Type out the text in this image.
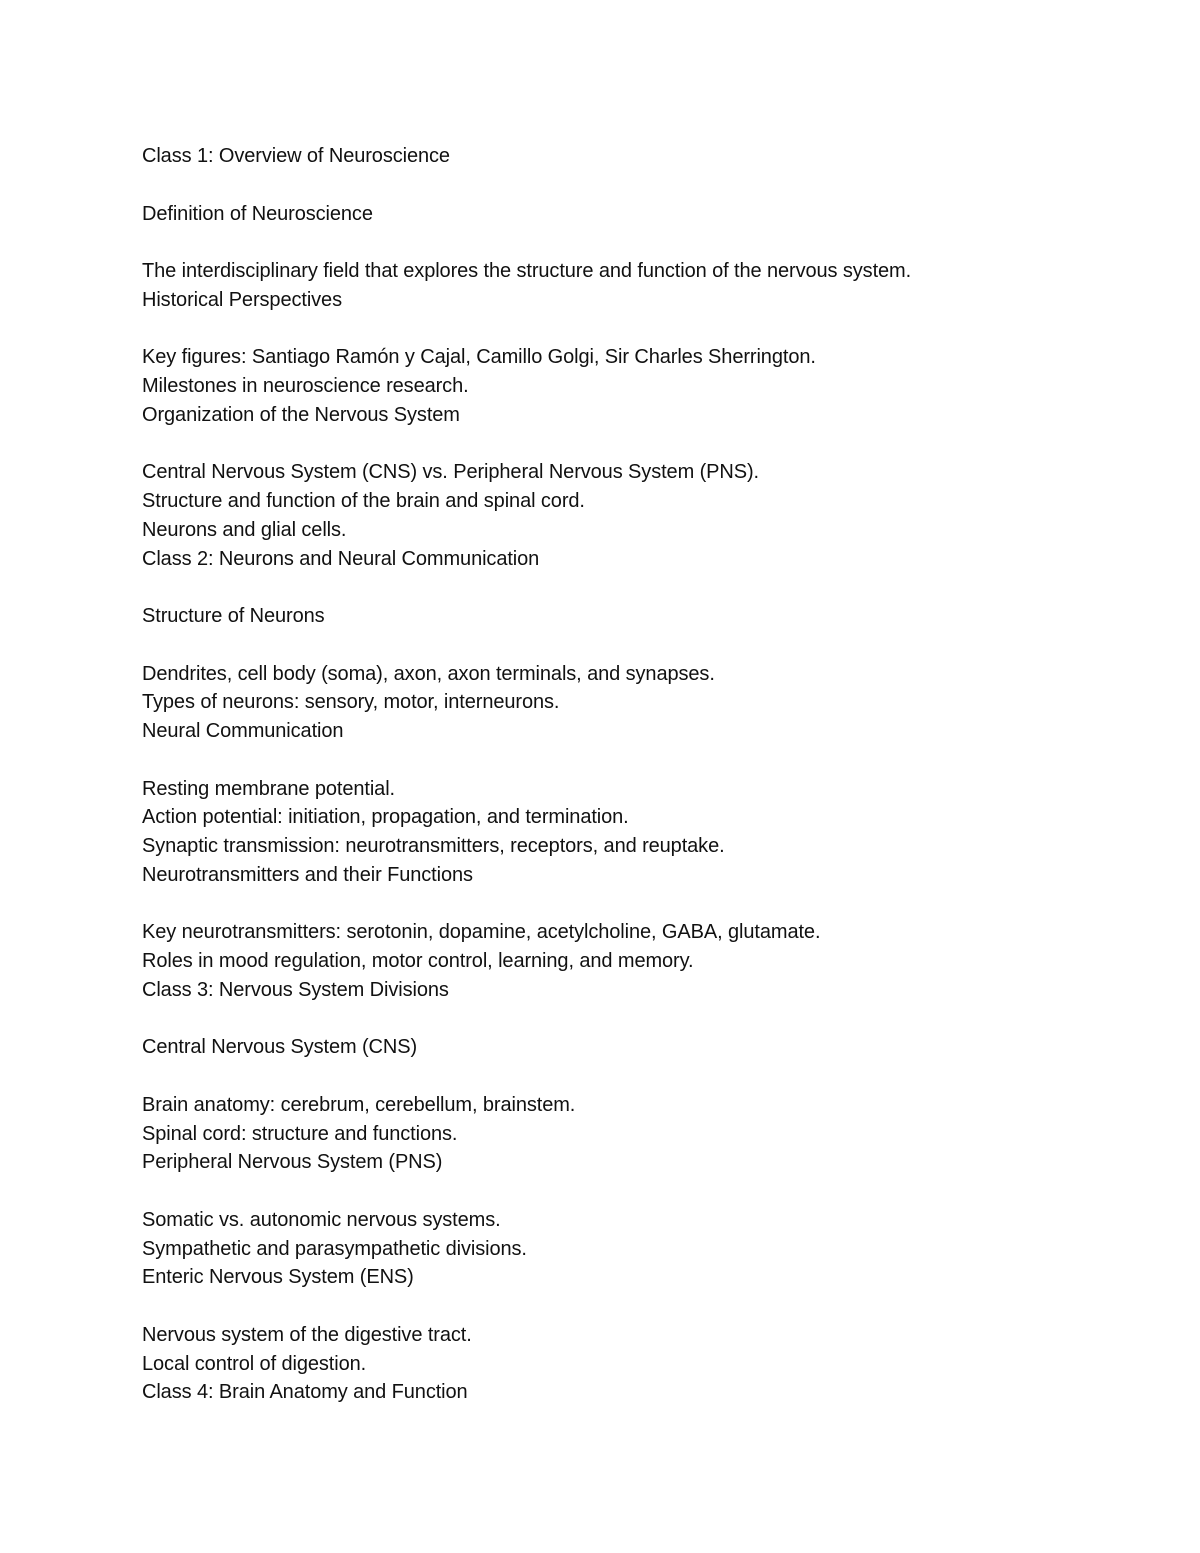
Class 1: Overview of Neuroscience
Definition of Neuroscience
The interdisciplinary field that explores the structure and function of the nervous system.
Historical Perspectives
Key figures: Santiago Ramón y Cajal, Camillo Golgi, Sir Charles Sherrington.
Milestones in neuroscience research.
Organization of the Nervous System
Central Nervous System (CNS) vs. Peripheral Nervous System (PNS).
Structure and function of the brain and spinal cord.
Neurons and glial cells.
Class 2: Neurons and Neural Communication
Structure of Neurons
Dendrites, cell body (soma), axon, axon terminals, and synapses.
Types of neurons: sensory, motor, interneurons.
Neural Communication
Resting membrane potential.
Action potential: initiation, propagation, and termination.
Synaptic transmission: neurotransmitters, receptors, and reuptake.
Neurotransmitters and their Functions
Key neurotransmitters: serotonin, dopamine, acetylcholine, GABA, glutamate.
Roles in mood regulation, motor control, learning, and memory.
Class 3: Nervous System Divisions
Central Nervous System (CNS)
Brain anatomy: cerebrum, cerebellum, brainstem.
Spinal cord: structure and functions.
Peripheral Nervous System (PNS)
Somatic vs. autonomic nervous systems.
Sympathetic and parasympathetic divisions.
Enteric Nervous System (ENS)
Nervous system of the digestive tract.
Local control of digestion.
Class 4: Brain Anatomy and Function
